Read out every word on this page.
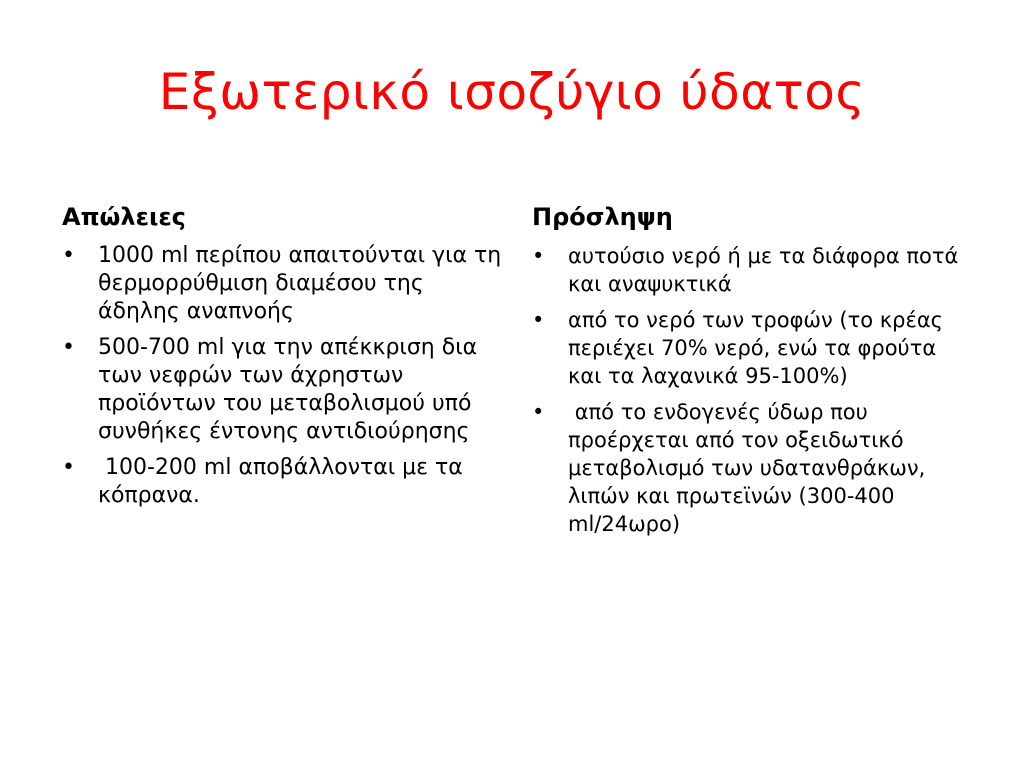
Εξωτερικό ισοζύγιο ύδατος
Απώλειες
• 1000 ml περίπου απαιτούνται για τη θερμορρύθμιση διαμέσου της άδηλης αναπνοής
• 500-700 ml για την απέκκριση δια των νεφρών των άχρηστων προϊόντων του μεταβολισμού υπό συνθήκες έντονης αντιδιούρησης
• 100-200 ml αποβάλλονται με τα κόπρανα.
Πρόσληψη
• αυτούσιο νερό ή με τα διάφορα ποτά και αναψυκτικά
• από το νερό των τροφών (το κρέας περιέχει 70% νερό, ενώ τα φρούτα και τα λαχανικά 95-100%)
• από το ενδογενές ύδωρ που προέρχεται από τον οξειδωτικό μεταβολισμό των υδατανθράκων, λιπών και πρωτεϊνών (300-400 ml/24ωρο)
